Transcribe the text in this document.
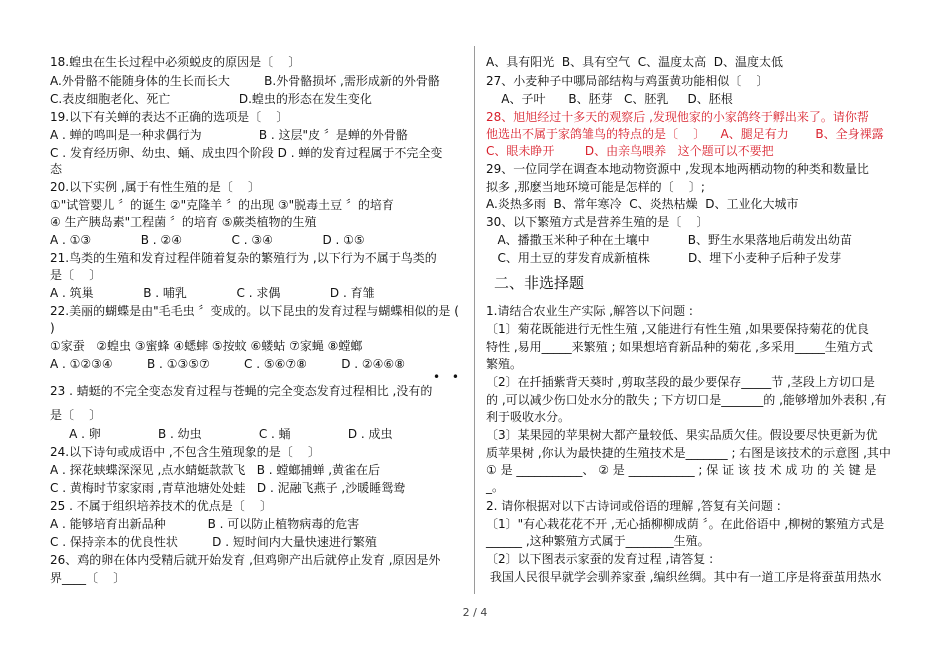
18.蝗虫在生长过程中必须蜕皮的原因是〔    〕
A.外骨骼不能随身体的生长而长大         B.外骨骼损坏 ,需形成新的外骨骼
C.表皮细胞老化、死亡                  D.蝗虫的形态在发生变化
19.以下有关蝉的表达不正确的选项是〔    〕
A . 蝉的鸣叫是一种求偶行为               B . 这层"皮 〞是蝉的外骨骼
C . 发育经历卵、幼虫、蛹、成虫四个阶段 D . 蝉的发育过程属于不完全变
态
20.以下实例 ,属于有性生殖的是〔    〕
①"试管婴儿 〞的诞生 ②"克隆羊 〞的出现 ③"脱毒土豆 〞的培育
④ 生产胰岛素"工程菌 〞的培育 ⑤蕨类植物的生殖
A . ①③             B . ②④             C . ③④             D . ①⑤
21.鸟类的生殖和发育过程伴随着复杂的繁殖行为 ,以下行为不属于鸟类的
是〔    〕
A . 筑巢             B . 哺乳             C . 求偶             D . 育雏
22.美丽的蝴蝶是由"毛毛虫 〞变成的。以下昆虫的发育过程与蝴蝶相似的是 (
)
①家蚕   ②蝗虫 ③蜜蜂 ④蟋蟀 ⑤按蚊 ⑥蝼蛄 ⑦家蝇 ⑧螳螂
A . ①②③④         B . ①③⑤⑦         C . ⑤⑥⑦⑧         D . ②④⑥⑧
23 . 蜻蜓的不完全变态发育过程与苍蝇的完全变态发育过程相比 ,没有的
是〔    〕
A . 卵               B . 幼虫               C . 蛹               D . 成虫
24.以下诗句或成语中 ,不包含生殖现象的是〔    〕
A . 探花蛱蝶深深见 ,点水蜻蜓款款飞   B . 螳螂捕蝉 ,黄雀在后
C . 黄梅时节家家雨 ,青草池塘处处蛙   D . 泥融飞燕子 ,沙暖睡鸳鸯
25 . 不属于组织培养技术的优点是〔    〕
A . 能够培育出新品种           B . 可以防止植物病毒的危害
C . 保持亲本的优良性状         D . 短时间内大量快速进行繁殖
26、鸡的卵在体内受精后就开始发育 ,但鸡卵产出后就停止发育 ,原因是外
界____〔    〕
• •
A、具有阳光  B、具有空气  C、温度太高  D、温度太低
27、小麦种子中哪局部结构与鸡蛋黄功能相似〔    〕
A、子叶      B、胚芽   C、胚乳     D、胚根
28、旭旭经过十多天的观察后 ,发现他家的小家鸽终于孵出来了。请你帮
他选出不属于家鸽雏鸟的特点的是〔    〕    A、腿足有力       B、全身裸露
C、眼未睁开        D、由亲鸟喂养   这个题可以不要把
29、一位同学在调查本地动物资源中 ,发现本地两栖动物的种类和数量比
拟多 ,那麽当地环境可能是怎样的〔    〕;
A.炎热多雨  B、常年寒冷  C、炎热枯燥  D、工业化大城市
30、以下繁殖方式是营养生殖的是〔    〕
A、播撒玉米种子种在土壤中          B、野生水果落地后萌发出幼苗
C、用土豆的芽发育成新植株          D、埋下小麦种子后种子发芽
二、非选择题
1.请结合农业生产实际 ,解答以下问题 :
〔1〕菊花既能进行无性生殖 ,又能进行有性生殖 ,如果要保持菊花的优良
特性 ,易用_____来繁殖 ; 如果想培育新品种的菊花 ,多采用_____生殖方式
繁殖。
〔2〕在扦插紫背天葵时 ,剪取茎段的最少要保存_____节 ,茎段上方切口是
的 ,可以减少伤口处水分的散失 ; 下方切口是_______的 ,能够增加外表积 ,有
利于吸收水分。
〔3〕某果园的苹果树大都产量较低、果实品质欠佳。假设要尽快更新为优
质苹果树 ,你认为最快捷的生殖技术是_______ ; 右图是该技术的示意图 ,其中
① 是 ___________、 ② 是 ___________ ; 保 证 该 技 术 成 功 的 关 键 是
_。
2. 请你根据对以下古诗词或俗语的理解 ,答复有关问题 :
〔1〕"有心栽花花不开 ,无心插柳柳成荫 〞。在此俗语中 ,柳树的繁殖方式是
______ ,这种繁殖方式属于________生殖。
〔2〕以下图表示家蚕的发育过程 ,请答复 :
我国人民很早就学会驯养家蚕 ,编织丝绸。其中有一道工序是将蚕茧用热水
2 / 4
